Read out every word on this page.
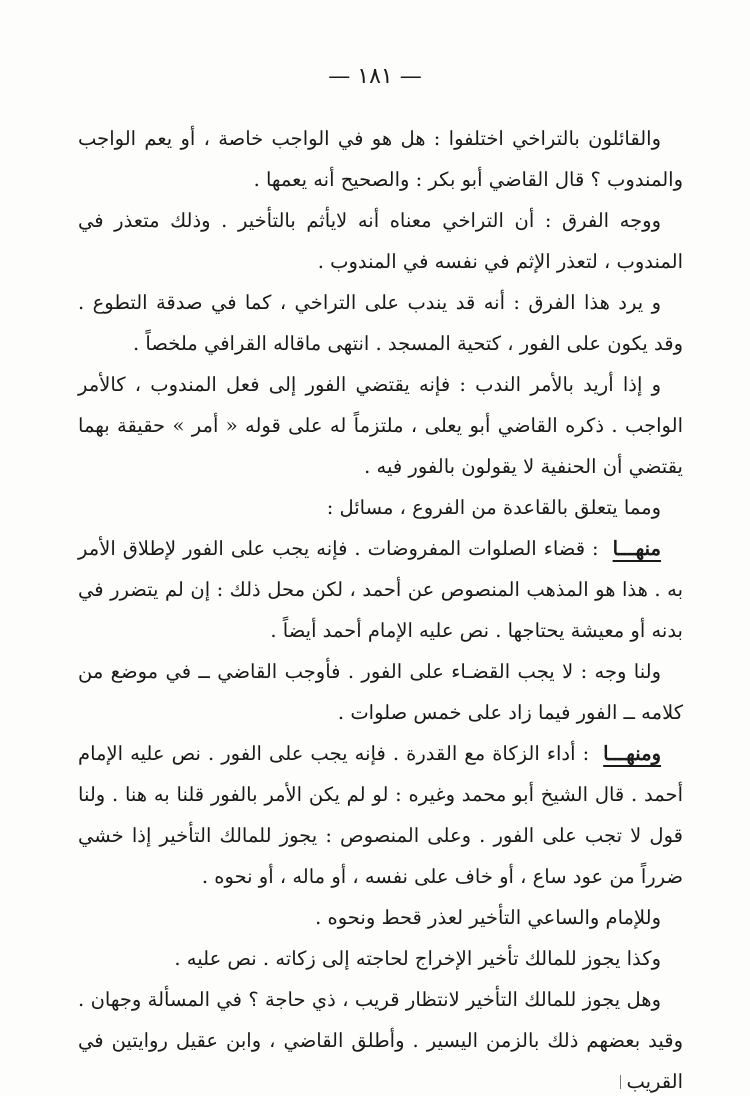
— ١٨١ —

والقائلون بالتراخي اختلفوا : هل هو في الواجب خاصة ، أو يعم الواجب والمندوب ؟ قال القاضي أبو بكر : والصحيح أنه يعمها .

ووجه الفرق : أن التراخي معناه أنه لايأثم بالتأخير . وذلك متعذر في المندوب ، لتعذر الإثم في نفسه في المندوب .

و يرد هذا الفرق : أنه قد يندب على التراخي ، كما في صدقة التطوع . وقد يكون على الفور ، كتحية المسجد . انتهى ماقاله القرافي ملخصاً .

و إذا أريد بالأمر الندب : فإنه يقتضي الفور إلى فعل المندوب ، كالأمر الواجب . ذكره القاضي أبو يعلى ، ملتزماً له على قوله « أمر » حقيقة بهما يقتضي أن الحنفية لا يقولون بالفور فيه .

ومما يتعلق بالقاعدة من الفروع ، مسائل :

منهـــا: قضاء الصلوات المفروضات . فإنه يجب على الفور لإطلاق الأمر به . هذا هو المذهب المنصوص عن أحمد ، لكن محل ذلك : إن لم يتضرر في بدنه أو معيشة يحتاجها . نص عليه الإمام أحمد أيضاً .

ولنا وجه : لا يجب القضـاء على الفور . فأوجب القاضي ــ في موضع من كلامه ــ الفور فيما زاد على خمس صلوات .

ومنهـــا: أداء الزكاة مع القدرة . فإنه يجب على الفور . نص عليه الإمام أحمد . قال الشيخ أبو محمد وغيره : لو لم يكن الأمر بالفور قلنا به هنا . ولنا قول لا تجب على الفور . وعلى المنصوص : يجوز للمالك التأخير إذا خشي ضرراً من عود ساع ، أو خاف على نفسه ، أو ماله ، أو نحوه .

وللإمام والساعي التأخير لعذر قحط ونحوه .

وكذا يجوز للمالك تأخير الإخراج لحاجته إلى زكاته . نص عليه .

وهل يجوز للمالك التأخير لانتظار قريب ، ذي حاجة ؟ في المسألة وجهان . وقيد بعضهم ذلك بالزمن اليسير . وأطلق القاضي ، وابن عقيل روايتين في القريب
